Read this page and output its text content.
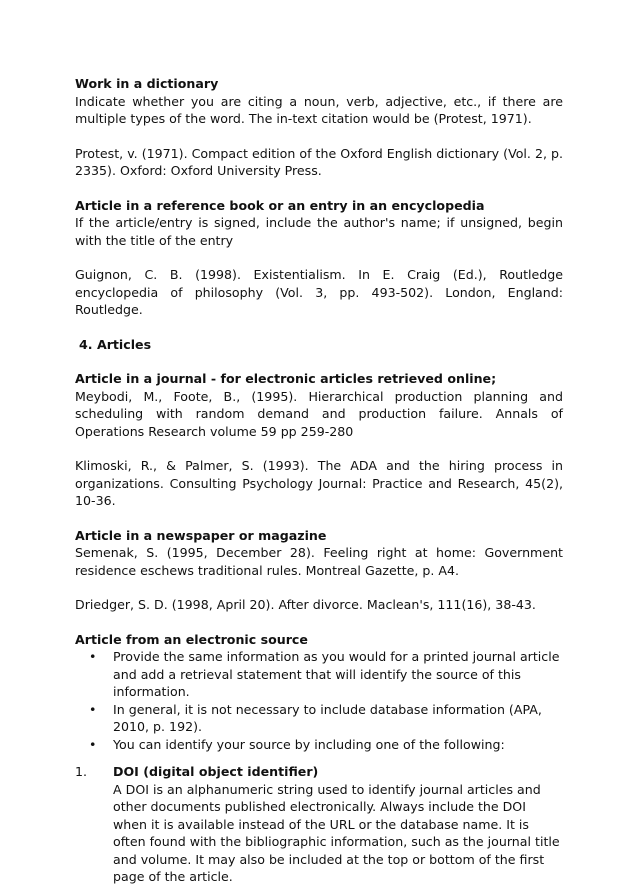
Work in a dictionary

Indicate whether you are citing a noun, verb, adjective, etc., if there are multiple types of the word. The in-text citation would be (Protest, 1971).

Protest, v. (1971). Compact edition of the Oxford English dictionary (Vol. 2, p. 2335). Oxford: Oxford University Press.

Article in a reference book or an entry in an encyclopedia

If the article/entry is signed, include the author's name; if unsigned, begin with the title of the entry

Guignon, C. B. (1998). Existentialism. In E. Craig (Ed.), Routledge encyclopedia of philosophy (Vol. 3, pp. 493-502). London, England: Routledge.

4. Articles

Article in a journal - for electronic articles retrieved online;

Meybodi, M., Foote, B., (1995). Hierarchical production planning and scheduling with random demand and production failure. Annals of Operations Research volume 59 pp 259-280

Klimoski, R., & Palmer, S. (1993). The ADA and the hiring process in organizations. Consulting Psychology Journal: Practice and Research, 45(2), 10-36.

Article in a newspaper or magazine

Semenak, S. (1995, December 28). Feeling right at home: Government residence eschews traditional rules. Montreal Gazette, p. A4.

Driedger, S. D. (1998, April 20). After divorce. Maclean's, 111(16), 38-43.

Article from an electronic source

• Provide the same information as you would for a printed journal article and add a retrieval statement that will identify the source of this information.
• In general, it is not necessary to include database information (APA, 2010, p. 192).
• You can identify your source by including one of the following:
1. DOI (digital object identifier)

A DOI is an alphanumeric string used to identify journal articles and other documents published electronically. Always include the DOI when it is available instead of the URL or the database name. It is often found with the bibliographic information, such as the journal title and volume. It may also be included at the top or bottom of the first page of the article.
